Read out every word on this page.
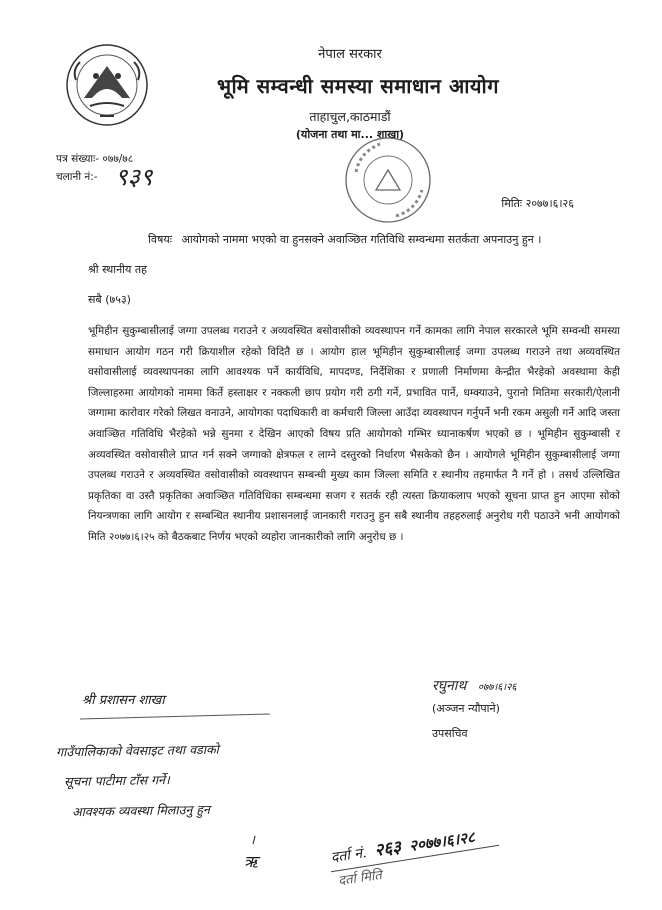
नेपाल सरकार
भूमि सम्वन्धी समस्या समाधान आयोग
ताहाचुल,काठमाडौं
(योजना तथा मा... शाखा)
पत्र संख्याः- ०७७/७८
चलानी नं:- ९३९
मितिः २०७७।६।२६
विषयः आयोगको नाममा भएको वा हुनसक्ने अवाञ्छित गतिविधि सम्वन्धमा सतर्कता अपनाउनु हुन ।
श्री स्थानीय तह
सबै (७५३)

भूमिहीन सुकुम्बासीलाई जग्गा उपलब्ध गराउने र अव्यवस्थित बसोवासीको व्यवस्थापन गर्ने कामका लागि नेपाल सरकारले भूमि सम्वन्धी समस्या समाधान आयोग गठन गरी क्रियाशील रहेको विदितै छ । आयोग हाल भूमिहीन सुकुम्बासीलाई जग्गा उपलब्ध गराउने तथा अव्यवस्थित वसोवासीलाई व्यवस्थापनका लागि आवश्यक पर्ने कार्यविधि, मापदण्ड, निर्देशिका र प्रणाली निर्माणमा केन्द्रीत भैरहेको अवस्थामा केही जिल्लाहरुमा आयोगको नाममा किर्ते हस्ताक्षर र नक्कली छाप प्रयोग गरी ठगी गर्ने, प्रभावित पार्ने, धम्क्याउने, पुरानो मितिमा सरकारी/ऐलानी जग्गामा कारोवार गरेको लिखत वनाउने, आयोगका पदाधिकारी वा कर्मचारी जिल्ला आउँदा व्यवस्थापन गर्नुपर्ने भनी रकम असुली गर्ने आदि जस्ता अवाञ्छित गतिविधि भैरहेको भन्ने सुनमा र देखिन आएको विषय प्रति आयोगको गम्भिर ध्यानाकर्षण भएको छ । भूमिहीन सुकुम्बासी र अव्यवस्थित वसोवासीले प्राप्त गर्न सक्ने जग्गाको क्षेत्रफल र लाग्ने दस्तुरको निर्धारण भैसकेको छैन । आयोगले भूमिहीन सुकुम्बासीलाई जग्गा उपलब्ध गराउने र अव्यवस्थित वसोवासीको व्यवस्थापन सम्बन्धी मुख्य काम जिल्ला समिति र स्थानीय तहमार्फत नै गर्ने हो । तसर्थ उल्लिखित प्रकृतिका वा उस्तै प्रकृतिका अवाञ्छित गतिविधिका सम्बन्धमा सजग र सतर्क रही त्यस्ता क्रियाकलाप भएको सूचना प्राप्त हुन आएमा सोको नियन्त्रणका लागि आयोग र सम्बन्धित स्थानीय प्रशासनलाई जानकारी गराउनु हुन सबै स्थानीय तहहरुलाई अनुरोध गरी पठाउने भनी आयोगको मिति २०७७।६।२५ को बैठकबाट निर्णय भएको व्यहोरा जानकारीको लागि अनुरोध छ ।

रघुनाथ ०७७।६।२६
(अञ्जन न्यौपाने)
उपसचिव
श्री प्रशासन शाखा
गाउँपालिकाको वेवसाइट तथा वडाको
सूचना पाटीमा टाँस गर्ने।
आवश्यक व्यवस्था मिलाउनु हुन
।
ऋ	दर्ता नं. २६३ २०७७।६।२८
दर्ता मिति
